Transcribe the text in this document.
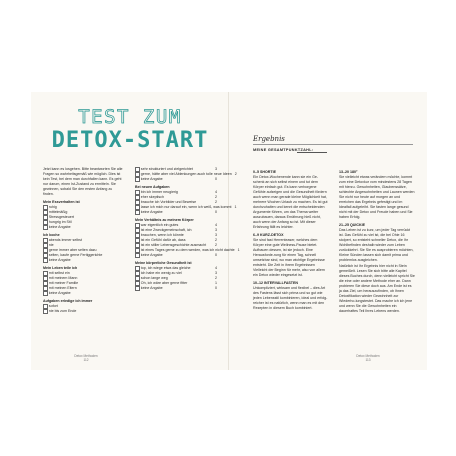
TEST ZUM
DETOX-START
Jetzt kann es losgehen. Bitte beantworten Sie alle Fragen so wahrheitsgemäß wie möglich. Dies ist kein Test, bei dem man durchfallen kann. Es geht nur darum, einen Ist-Zustand zu ermitteln. Sie gewinnen, sobald Sie den ersten Anfang zu finden.
Mein Essverhalten ist
ruhig
mittelmäßig
Stressgesteuert
hungrig im Stil
keine Angabe
Ich koche
abends immer selbst
nie
gerne immer aber selten dazu
selten, kaufe gerne Fertiggerichte
keine Angabe
Mein Leben teile ich
mit selbst ein
mit meinem Mann
mit meiner Familie
mit meinen Eltern
keine Angabe
Aufgaben erledige ich immer
sofort
nie bis zum Ende
sehr strukturiert und zielgerichtet	3
gerne, hätte aber viel Ablenkungen auch tolle neue Ideen 2
keine Angabe	0
Bei neuen Aufgaben
bin ich immer neugierig	4
eher skeptisch	2
brauche ich Vorbilder und Beweise	2
lasse ich mich nur darauf ein, wenn ich weiß, was kommt 1
keine Angabe	0
Mein Verhältnis zu meinem Körper
war eigentlich ein gutes	4
ist eine Zweckgemeinschaft, ich	3
brauchen, wenn ich könnte	3
ist ein Gefühl dafür ab, dass	2
ist ein stiller Lebensgeschichte ausmacht	2
ist eines Tages gerne zu dem werden, was ich nicht dachte 1
keine Angabe	0
Meine körperliche Gesundheit ist
top, ich wiege etwa das gleiche	4
ich habe ein wenig zu viel	3
schon lange weg	2
Oh, ich wäre aber gerne fitter	1
keine Angabe	0
Detox Methoden
112
Ergebnis
MEINE GESAMTPUNKTZAHL:
0–5 SHORTIE
Ein Detox-Wochenende kann sie ein Ge-schenk an sich selbst einem und tut dem Körper einfach gut. Es kann verborgene Gefühle aufzeigen und die Gesundheit fördern auch wenn man gerade kleine Möglichkeit hat, mehrere Wochen Urlaub zu machen. Es ist gut durchzuhalten und kennt die entscheidenden Argumente führen, um das Thema weiter auszubauen, daraus Ernährung hieß nicht, auch wenn der Anfang so ist. Mit dieser Erfahrung fällt es leichter.
6–9 KURZ-DETOX
Sie sind fast Herrenteaser, welches dem Körper eine gute Wellness-Pause bietet. Aufbauen dessen, ist sie jedoch. Eine Herausforde-rung für einen Tag, schnell umsetzbar sind, wo man wichtige Ergebnisse entsteht. Die Zeit in ihrem Ergebnissen Vielleicht der Beginn für mehr, also von allem ein Detox wieder eingesetzt ist.
10–12 INTERVALLFASTEN
Unkompliziert, wirksam und flexibel – dies Art des Fastens lässt sich prima und so gut wie jeden Lebensstil kombinieren, ideal und erfolg-reicher ist es natürlich, wenn man es mit den Rezepten in diesem Buch kombiniert.
13–20 180°
Sie vielleicht etwas verändern möchte, kommt zum eine Detoxkur vom mindestens 28 Tagen mit hierzu. Gewohnheiten, Glaubenssätze, schlechte Angewohnheiten und Launen werden Sie nicht nur heute auf morgen an und erreichen das Ergebnis gefestigt und im Idealfall aufgeleiht. Sie fasten lange gesund nicht mit der Detox und Freude haben und Sie haben Erfolg.
21–25 QUICKIE
Das Leben ist zu kurz, um jeder Tag verrückt ist. Das Gefühl zu viel ist, die bei Ohie 16 stolpert, so entsteht schneller Detox, die Ihr Wohlbefinden deshalb wieder zum Leben zurückkehrt. Sie Sie es ausprobieren möchten, Kleine Sünden lassen sich damit prima und problemlos ausgleichen.
Natürlich ist Ihr Ergebnis hier nicht in Stein gemeißelt. Lesen Sie sich bitte alle Kapitel dieses Buches durch, denn vielleicht spricht Sie die eine oder andere Methode eher an. Dann probieren Sie diese doch aus. Am Ende ist es ja das Ziel, um herauszufinden, ob Ihnen Detoxifikation wieder Gewohnheit zur Wiederho-lungstestet. Das mache ich ich jene und wenn Sie die Gewohnheiten ein dauerhaftes Teil Ihres Lebens werden.
Detox Methoden
113
